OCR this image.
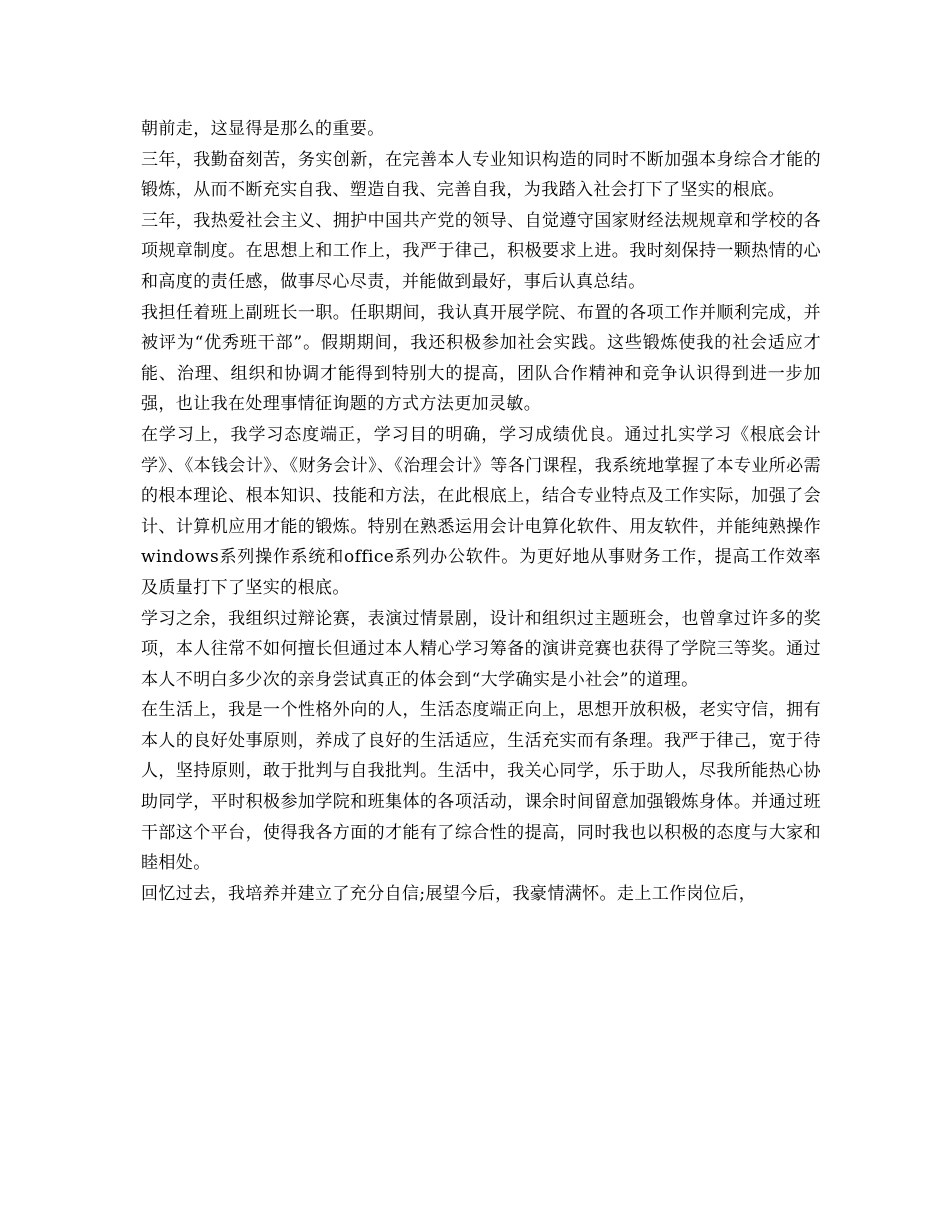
朝前走，这显得是那么的重要。

三年，我勤奋刻苦，务实创新，在完善本人专业知识构造的同时不断加强本身综合才能的锻炼，从而不断充实自我、塑造自我、完善自我，为我踏入社会打下了坚实的根底。

三年，我热爱社会主义、拥护中国共产党的领导、自觉遵守国家财经法规规章和学校的各项规章制度。在思想上和工作上，我严于律己，积极要求上进。我时刻保持一颗热情的心和高度的责任感，做事尽心尽责，并能做到最好，事后认真总结。

我担任着班上副班长一职。任职期间，我认真开展学院、布置的各项工作并顺利完成，并被评为“优秀班干部”。假期期间，我还积极参加社会实践。这些锻炼使我的社会适应才能、治理、组织和协调才能得到特别大的提高，团队合作精神和竞争认识得到进一步加强，也让我在处理事情征询题的方式方法更加灵敏。

在学习上，我学习态度端正，学习目的明确，学习成绩优良。通过扎实学习《根底会计学》、《本钱会计》、《财务会计》、《治理会计》等各门课程，我系统地掌握了本专业所必需的根本理论、根本知识、技能和方法，在此根底上，结合专业特点及工作实际，加强了会计、计算机应用才能的锻炼。特别在熟悉运用会计电算化软件、用友软件，并能纯熟操作windows系列操作系统和office系列办公软件。为更好地从事财务工作，提高工作效率及质量打下了坚实的根底。

学习之余，我组织过辩论赛，表演过情景剧，设计和组织过主题班会，也曾拿过许多的奖项，本人往常不如何擅长但通过本人精心学习筹备的演讲竞赛也获得了学院三等奖。通过本人不明白多少次的亲身尝试真正的体会到“大学确实是小社会”的道理。

在生活上，我是一个性格外向的人，生活态度端正向上，思想开放积极，老实守信，拥有本人的良好处事原则，养成了良好的生活适应，生活充实而有条理。我严于律己，宽于待人，坚持原则，敢于批判与自我批判。生活中，我关心同学，乐于助人，尽我所能热心协助同学，平时积极参加学院和班集体的各项活动，课余时间留意加强锻炼身体。并通过班干部这个平台，使得我各方面的才能有了综合性的提高，同时我也以积极的态度与大家和睦相处。

回忆过去，我培养并建立了充分自信;展望今后，我豪情满怀。走上工作岗位后，
